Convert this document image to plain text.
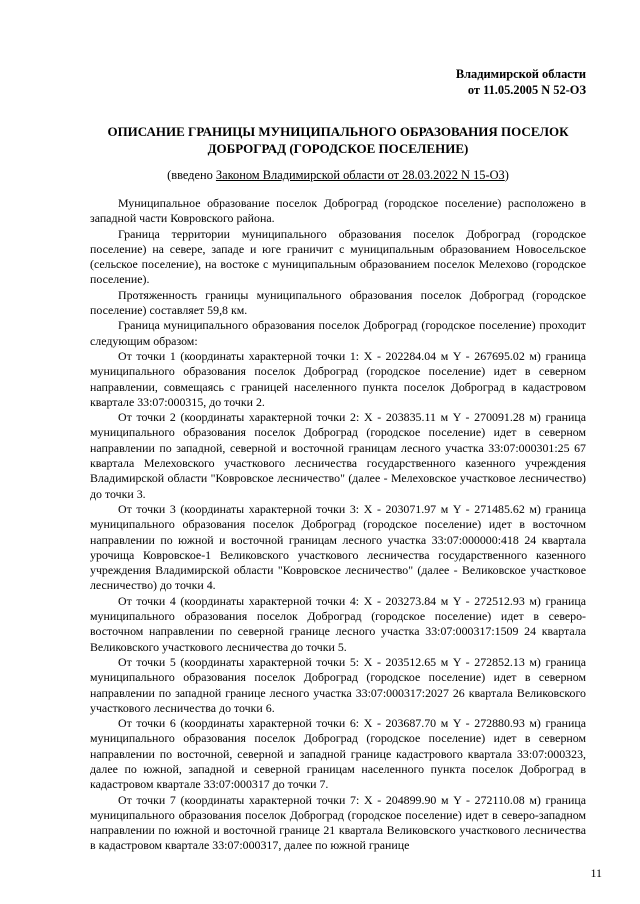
Владимирской области
от 11.05.2005 N 52-ОЗ
ОПИСАНИЕ ГРАНИЦЫ МУНИЦИПАЛЬНОГО ОБРАЗОВАНИЯ ПОСЕЛОК
ДОБРОГРАД (ГОРОДСКОЕ ПОСЕЛЕНИЕ)
(введено Законом Владимирской области от 28.03.2022 N 15-ОЗ)

Муниципальное образование поселок Доброград (городское поселение) расположено в западной части Ковровского района.

Граница территории муниципального образования поселок Доброград (городское поселение) на севере, западе и юге граничит с муниципальным образованием Новосельское (сельское поселение), на востоке с муниципальным образованием поселок Мелехово (городское поселение).

Протяженность границы муниципального образования поселок Доброград (городское поселение) составляет 59,8 км.

Граница муниципального образования поселок Доброград (городское поселение) проходит следующим образом:

От точки 1 (координаты характерной точки 1: X - 202284.04 м Y - 267695.02 м) граница муниципального образования поселок Доброград (городское поселение) идет в северном направлении, совмещаясь с границей населенного пункта поселок Доброград в кадастровом квартале 33:07:000315, до точки 2.

От точки 2 (координаты характерной точки 2: X - 203835.11 м Y - 270091.28 м) граница муниципального образования поселок Доброград (городское поселение) идет в северном направлении по западной, северной и восточной границам лесного участка 33:07:000301:25 67 квартала Мелеховского участкового лесничества государственного казенного учреждения Владимирской области "Ковровское лесничество" (далее - Мелеховское участковое лесничество) до точки 3.

От точки 3 (координаты характерной точки 3: X - 203071.97 м Y - 271485.62 м) граница муниципального образования поселок Доброград (городское поселение) идет в восточном направлении по южной и восточной границам лесного участка 33:07:000000:418 24 квартала урочища Ковровское-1 Великовского участкового лесничества государственного казенного учреждения Владимирской области "Ковровское лесничество" (далее - Великовское участковое лесничество) до точки 4.

От точки 4 (координаты характерной точки 4: X - 203273.84 м Y - 272512.93 м) граница муниципального образования поселок Доброград (городское поселение) идет в северо-восточном направлении по северной границе лесного участка 33:07:000317:1509 24 квартала Великовского участкового лесничества до точки 5.

От точки 5 (координаты характерной точки 5: X - 203512.65 м Y - 272852.13 м) граница муниципального образования поселок Доброград (городское поселение) идет в северном направлении по западной границе лесного участка 33:07:000317:2027 26 квартала Великовского участкового лесничества до точки 6.

От точки 6 (координаты характерной точки 6: X - 203687.70 м Y - 272880.93 м) граница муниципального образования поселок Доброград (городское поселение) идет в северном направлении по восточной, северной и западной границе кадастрового квартала 33:07:000323, далее по южной, западной и северной границам населенного пункта поселок Доброград в кадастровом квартале 33:07:000317 до точки 7.

От точки 7 (координаты характерной точки 7: X - 204899.90 м Y - 272110.08 м) граница муниципального образования поселок Доброград (городское поселение) идет в северо-западном направлении по южной и восточной границе 21 квартала Великовского участкового лесничества в кадастровом квартале 33:07:000317, далее по южной границе

11
